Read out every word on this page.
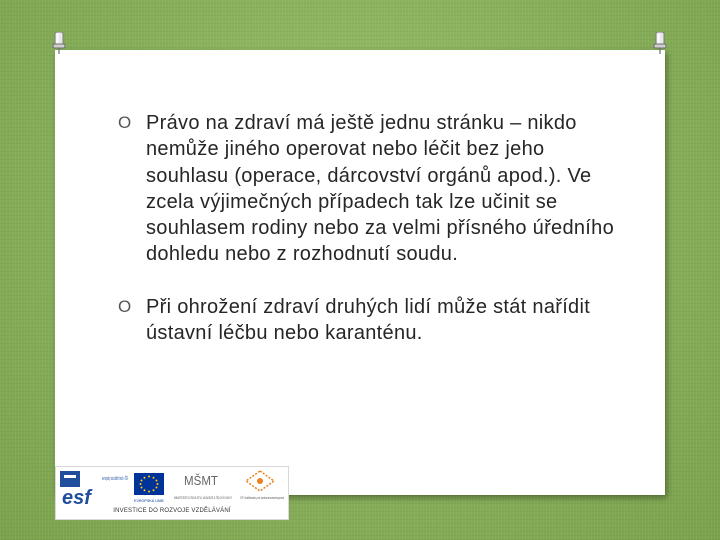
O Právo na zdraví má ještě jednu stránku – nikdo nemůže jiného operovat nebo léčit bez jeho souhlasu (operace, dárcovství orgánů apod.). Ve zcela výjimečných případech tak lze učinit se souhlasem rodiny nebo za velmi přísného úředního dohledu nebo z rozhodnutí soudu.
O Při ohrožení zdraví druhých lidí může stát nařídit ústavní léčbu nebo karanténu.
esf
evropský sociální fond v ČR
EVROPSKÁ UNIE
MŠMT
MINISTERSTVO ŠKOLSTVÍ, MLÁDEŽE A TĚLOVÝCHOVY
OP Vzdělávání pro konkurenceschopnost
INVESTICE DO ROZVOJE VZDĚLÁVÁNÍ
